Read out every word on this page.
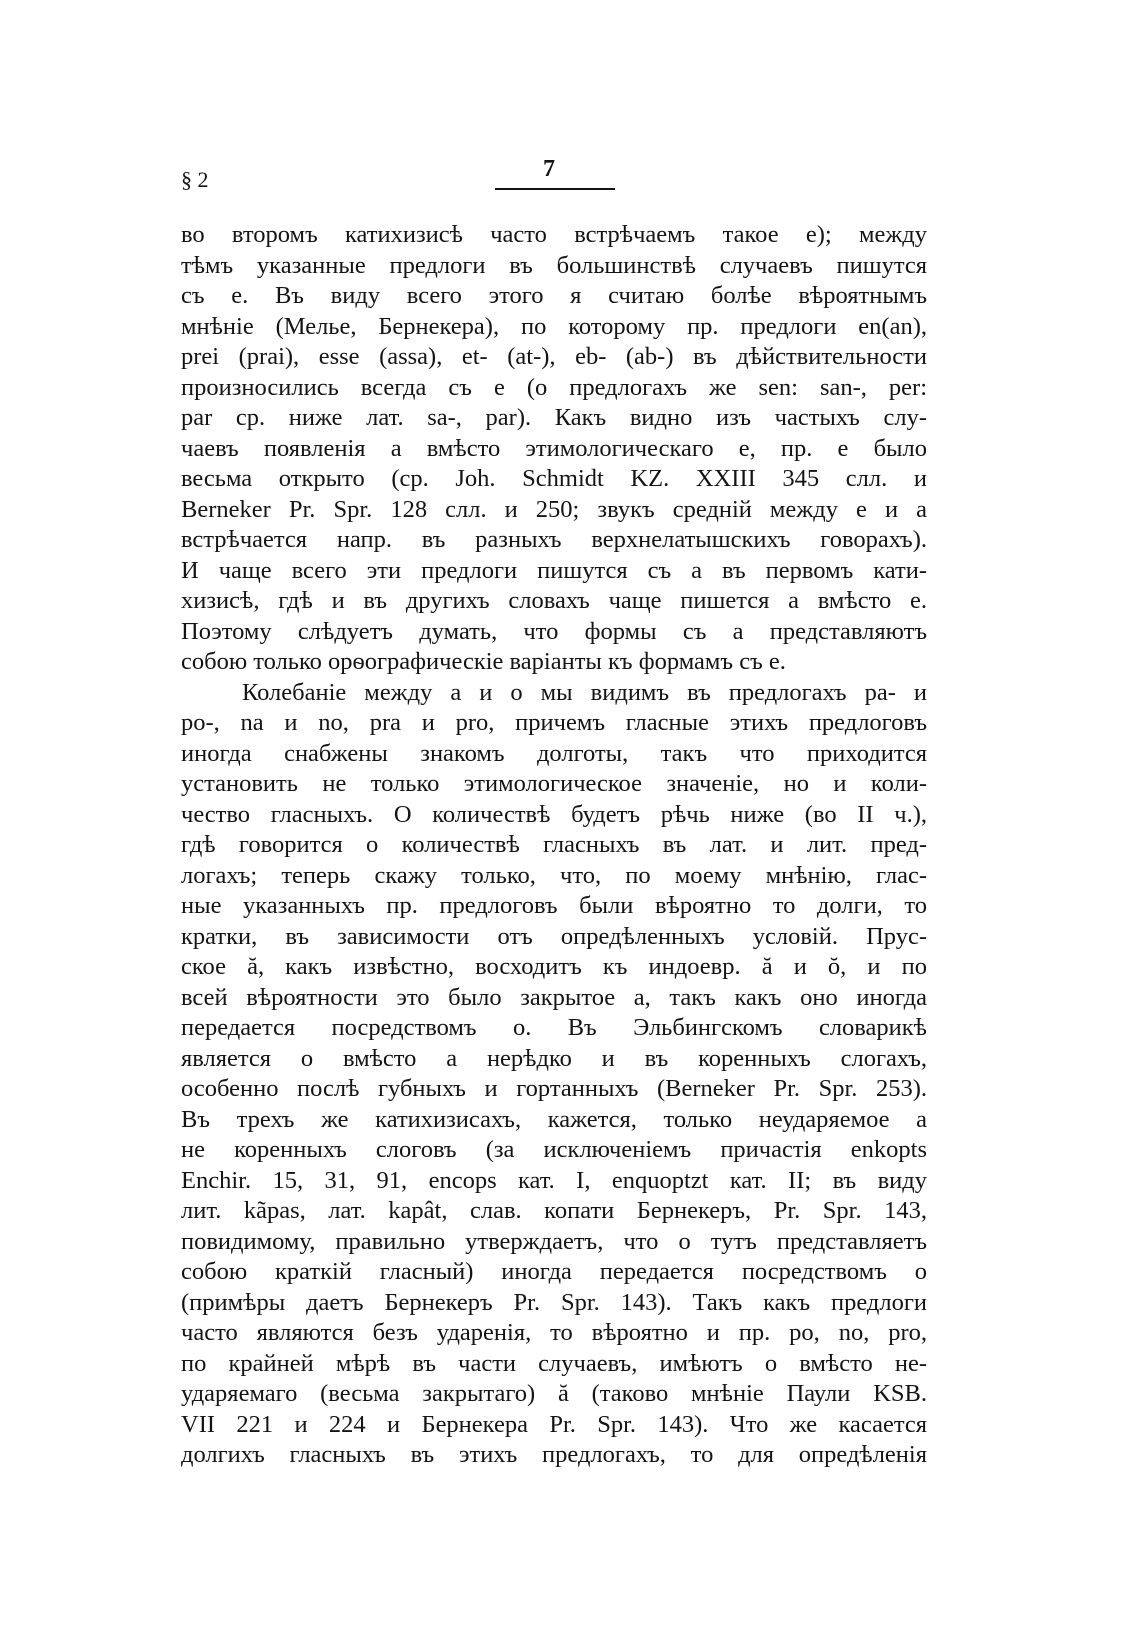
§ 2	7
во второмъ катихизисѣ часто встрѣчаемъ такое е); между
тѣмъ указанные предлоги въ большинствѣ случаевъ пишутся
съ е. Въ виду всего этого я считаю болѣе вѣроятнымъ
мнѣніе (Мелье, Бернекера), по которому пр. предлоги en(an),
prei (prai), esse (assa), et- (at-), eb- (ab-) въ дѣйствительности
произносились всегда съ е (о предлогахъ же sen: san-, per:
par ср. ниже лат. sa-, par). Какъ видно изъ частыхъ слу-
чаевъ появленія а вмѣсто этимологическаго е, пр. е было
весьма открыто (ср. Joh. Schmidt KZ. XXIII 345 слл. и
Berneker Pr. Spr. 128 слл. и 250; звукъ средній между е и а
встрѣчается напр. въ разныхъ верхнелатышскихъ говорахъ).
И чаще всего эти предлоги пишутся съ а въ первомъ кати-
хизисѣ, гдѣ и въ другихъ словахъ чаще пишется а вмѣсто е.
Поэтому слѣдуетъ думать, что формы съ а представляютъ
собою только орѳографическіе варіанты къ формамъ съ е.
Колебаніе между а и о мы видимъ въ предлогахъ pa- и
po-, na и no, pra и pro, причемъ гласные этихъ предлоговъ
иногда снабжены знакомъ долготы, такъ что приходится
установить не только этимологическое значеніе, но и коли-
чество гласныхъ. О количествѣ будетъ рѣчь ниже (во II ч.),
гдѣ говорится о количествѣ гласныхъ въ лат. и лит. пред-
логахъ; теперь скажу только, что, по моему мнѣнію, глас-
ные указанныхъ пр. предлоговъ были вѣроятно то долги, то
кратки, въ зависимости отъ опредѣленныхъ условій. Прус-
ское ă, какъ извѣстно, восходитъ къ индоевр. ă и ŏ, и по
всей вѣроятности это было закрытое а, такъ какъ оно иногда
передается посредствомъ о. Въ Эльбингскомъ словарикѣ
является о вмѣсто а нерѣдко и въ коренныхъ слогахъ,
особенно послѣ губныхъ и гортанныхъ (Berneker Pr. Spr. 253).
Въ трехъ же катихизисахъ, кажется, только неударяемое а
не коренныхъ слоговъ (за исключеніемъ причастія enkopts
Enchir. 15, 31, 91, encops кат. I, enquoptzt кат. II; въ виду
лит. kãpas, лат. kapât, слав. копати Бернекеръ, Pr. Spr. 143,
повидимому, правильно утверждаетъ, что о тутъ представляетъ
собою краткій гласный) иногда передается посредствомъ о
(примѣры даетъ Бернекеръ Pr. Spr. 143). Такъ какъ предлоги
часто являются безъ ударенія, то вѣроятно и пр. po, no, pro,
по крайней мѣрѣ въ части случаевъ, имѣютъ о вмѣсто не-
ударяемаго (весьма закрытаго) ă (таково мнѣніе Паули KSB.
VII 221 и 224 и Бернекера Pr. Spr. 143). Что же касается
долгихъ гласныхъ въ этихъ предлогахъ, то для опредѣленія
